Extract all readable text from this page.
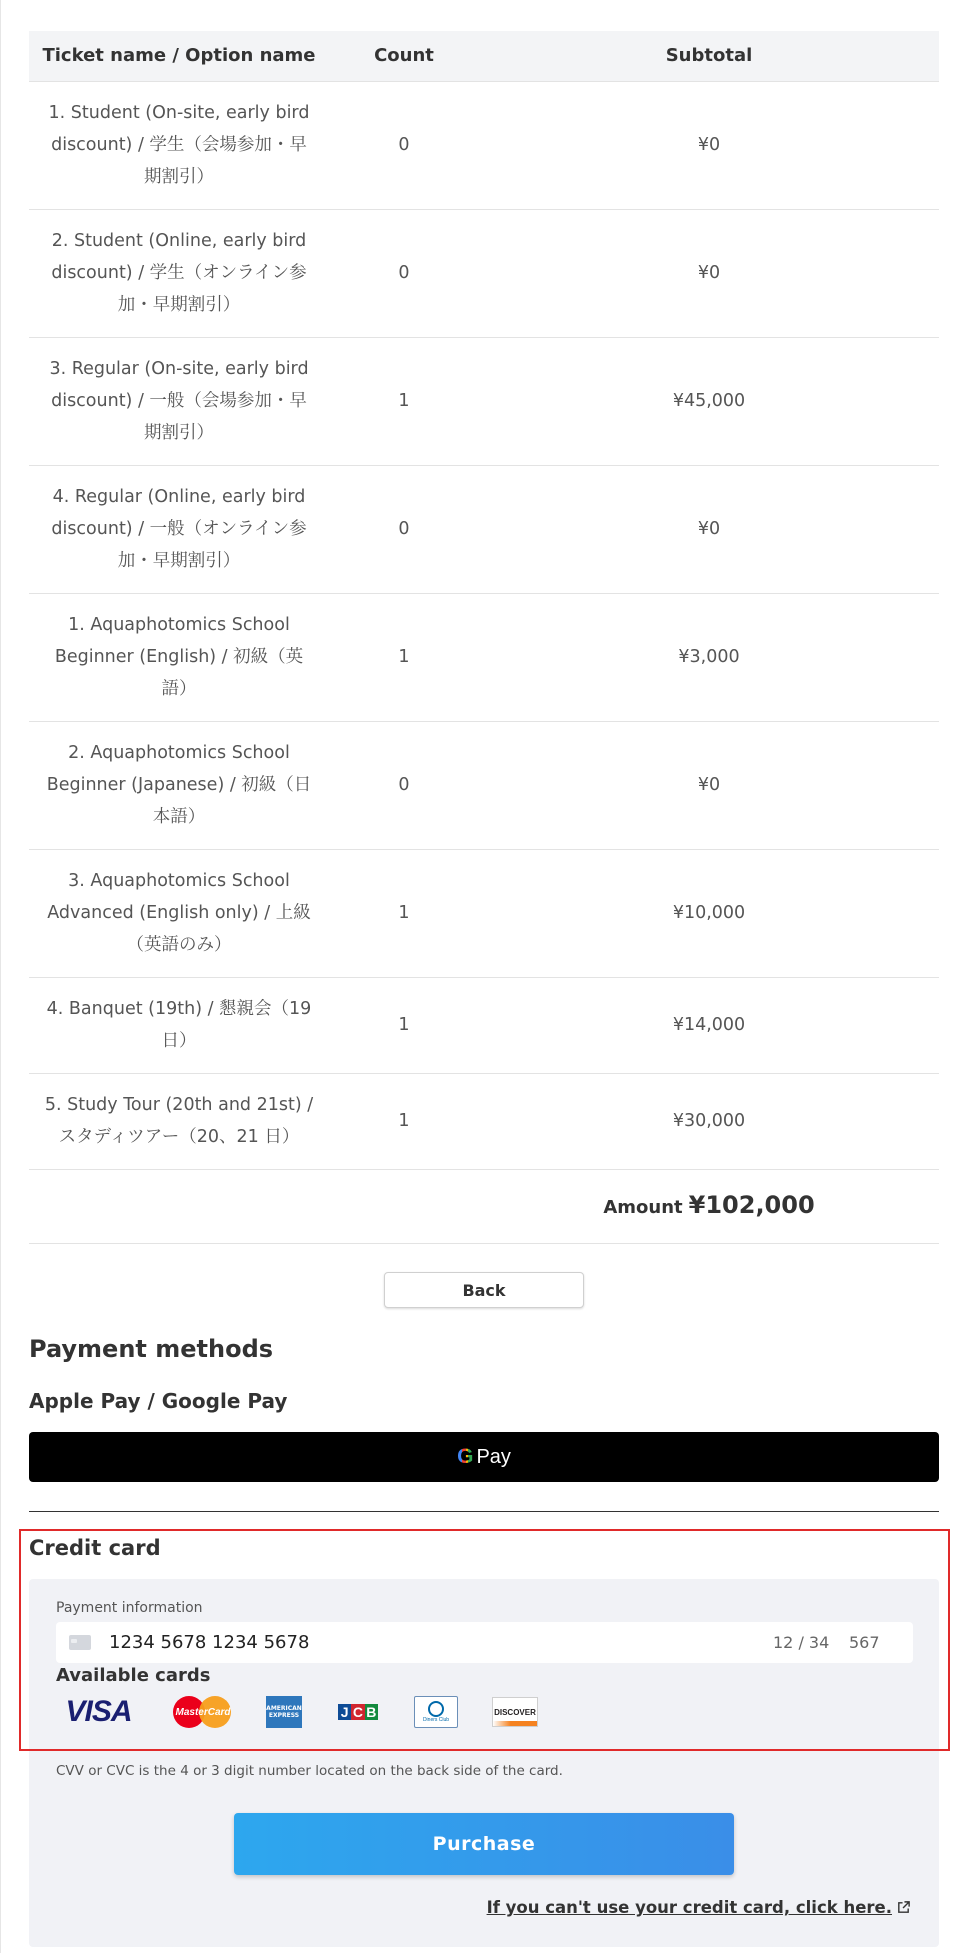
Ticket name / Option name	Count	Subtotal
1. Student (On-site, early bird discount) / 学生（会場参加・早期割引）	0	¥0
2. Student (Online, early bird discount) / 学生（オンライン参加・早期割引）	0	¥0
3. Regular (On-site, early bird discount) / 一般（会場参加・早期割引）	1	¥45,000
4. Regular (Online, early bird discount) / 一般（オンライン参加・早期割引）	0	¥0
1. Aquaphotomics School Beginner (English) / 初級（英語）	1	¥3,000
2. Aquaphotomics School Beginner (Japanese) / 初級（日本語）	0	¥0
3. Aquaphotomics School Advanced (English only) / 上級（英語のみ）	1	¥10,000
4. Banquet (19th) / 懇親会（19日）	1	¥14,000
5. Study Tour (20th and 21st) / スタディツアー（20、21 日）	1	¥30,000
		Amount ¥102,000
Back
Payment methods
Apple Pay / Google Pay
G Pay
Credit card
Payment information
1234 5678 1234 5678	12 / 34 567
Available cards
VISA	MasterCard	AMERICAN
EXPRESS	J C B	Diners Club
DISCOVER
CVV or CVC is the 4 or 3 digit number located on the back side of the card.
Purchase
If you can't use your credit card, click here.
